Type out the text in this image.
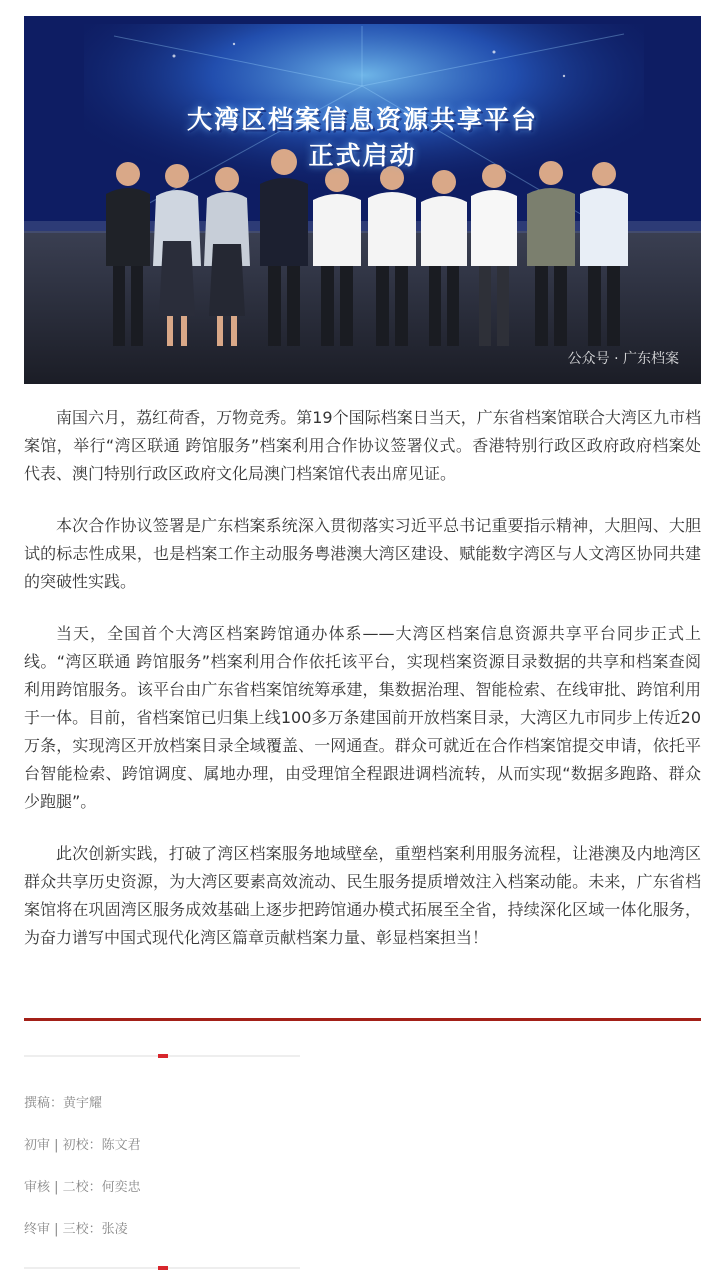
大湾区档案信息资源共享平台
正式启动
公众号 · 广东档案

南国六月，荔红荷香，万物竞秀。第19个国际档案日当天，广东省档案馆联合大湾区九市档案馆，举行“湾区联通 跨馆服务”档案利用合作协议签署仪式。香港特别行政区政府政府档案处代表、澳门特别行政区政府文化局澳门档案馆代表出席见证。

本次合作协议签署是广东档案系统深入贯彻落实习近平总书记重要指示精神，大胆闯、大胆试的标志性成果，也是档案工作主动服务粤港澳大湾区建设、赋能数字湾区与人文湾区协同共建的突破性实践。

当天，全国首个大湾区档案跨馆通办体系——大湾区档案信息资源共享平台同步正式上线。“湾区联通 跨馆服务”档案利用合作依托该平台，实现档案资源目录数据的共享和档案查阅利用跨馆服务。该平台由广东省档案馆统筹承建，集数据治理、智能检索、在线审批、跨馆利用于一体。目前，省档案馆已归集上线100多万条建国前开放档案目录，大湾区九市同步上传近20万条，实现湾区开放档案目录全域覆盖、一网通查。群众可就近在合作档案馆提交申请，依托平台智能检索、跨馆调度、属地办理，由受理馆全程跟进调档流转，从而实现“数据多跑路、群众少跑腿”。

此次创新实践，打破了湾区档案服务地域壁垒，重塑档案利用服务流程，让港澳及内地湾区群众共享历史资源，为大湾区要素高效流动、民生服务提质增效注入档案动能。未来，广东省档案馆将在巩固湾区服务成效基础上逐步把跨馆通办模式拓展至全省，持续深化区域一体化服务，为奋力谱写中国式现代化湾区篇章贡献档案力量、彰显档案担当！

撰稿：黄宇耀
初审 | 初校：陈文君
审核 | 二校：何奕忠
终审 | 三校：张凌
